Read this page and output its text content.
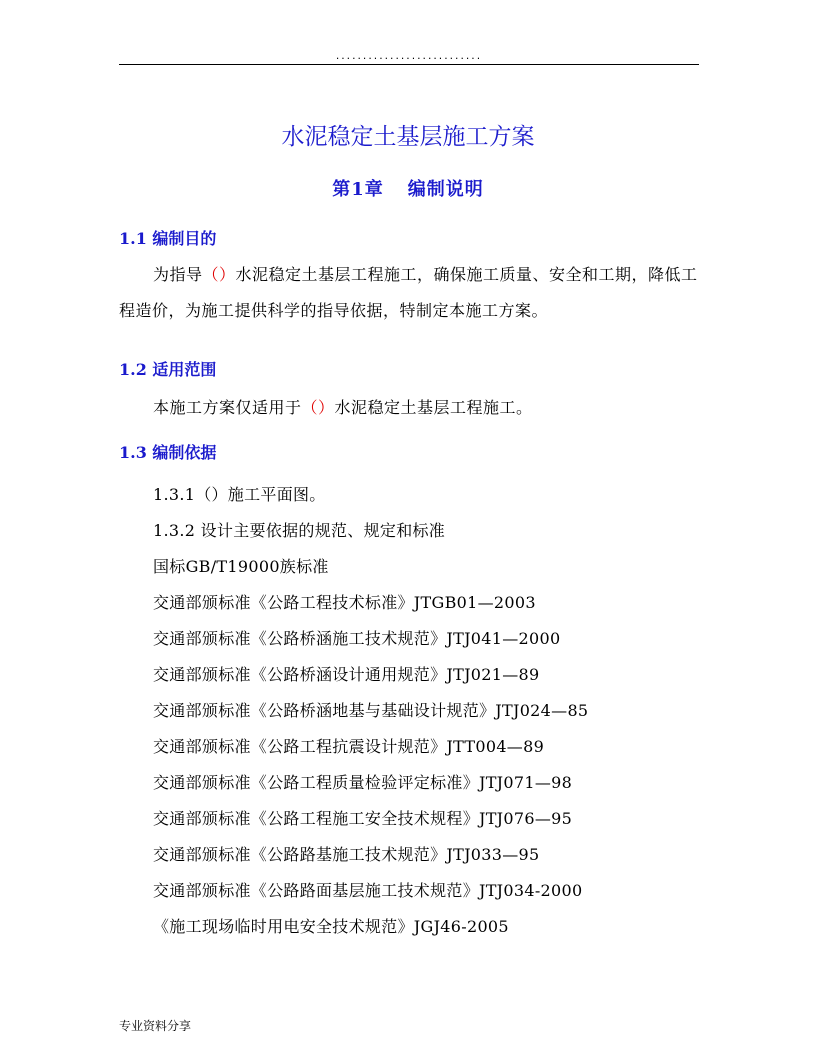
...........................
水泥稳定土基层施工方案
第1章 编制说明
1.1 编制目的
为指导（）水泥稳定土基层工程施工，确保施工质量、安全和工期，降低工程造价，为施工提供科学的指导依据，特制定本施工方案。
1.2 适用范围
本施工方案仅适用于（）水泥稳定土基层工程施工。
1.3 编制依据
1.3.1（）施工平面图。
1.3.2 设计主要依据的规范、规定和标准
国标GB/T19000族标准
交通部颁标准《公路工程技术标准》JTGB01—2003
交通部颁标准《公路桥涵施工技术规范》JTJ041—2000
交通部颁标准《公路桥涵设计通用规范》JTJ021—89
交通部颁标准《公路桥涵地基与基础设计规范》JTJ024—85
交通部颁标准《公路工程抗震设计规范》JTT004—89
交通部颁标准《公路工程质量检验评定标准》JTJ071—98
交通部颁标准《公路工程施工安全技术规程》JTJ076—95
交通部颁标准《公路路基施工技术规范》JTJ033—95
交通部颁标准《公路路面基层施工技术规范》JTJ034-2000
《施工现场临时用电安全技术规范》JGJ46-2005
专业资料分享
